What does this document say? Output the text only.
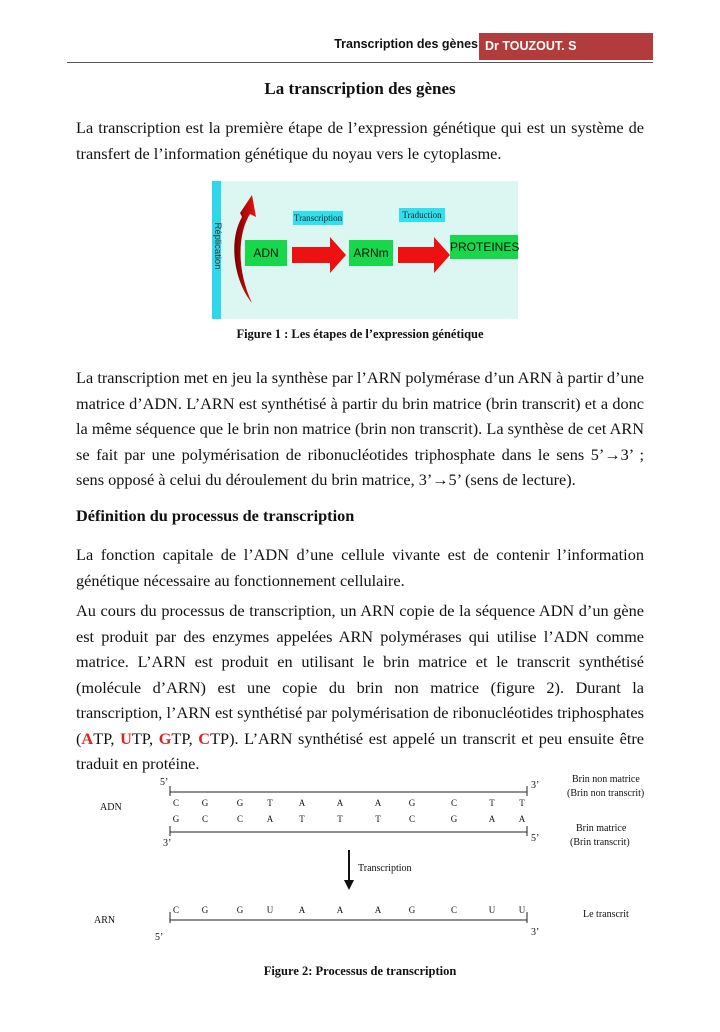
Transcription des gènes Dr TOUZOUT. S
La transcription des gènes

La transcription est la première étape de l’expression génétique qui est un système de transfert de l’information génétique du noyau vers le cytoplasme.

Réplication	ADN
Transcription
ARNm
Traduction
PROTEINES
Figure 1 : Les étapes de l’expression génétique

La transcription met en jeu la synthèse par l’ARN polymérase d’un ARN à partir d’une matrice d’ADN. L’ARN est synthétisé à partir du brin matrice (brin transcrit) et a donc la même séquence que le brin non matrice (brin non transcrit). La synthèse de cet ARN se fait par une polymérisation de ribonucléotides triphosphate dans le sens 5’→3’ ; sens opposé à celui du déroulement du brin matrice, 3’→5’ (sens de lecture).

Définition du processus de transcription

La fonction capitale de l’ADN d’une cellule vivante est de contenir l’information génétique nécessaire au fonctionnement cellulaire.

Au cours du processus de transcription, un ARN copie de la séquence ADN d’un gène est produit par des enzymes appelées ARN polymérases qui utilise l’ADN comme matrice. L’ARN est produit en utilisant le brin matrice et le transcrit synthétisé (molécule d’ARN) est une copie du brin non matrice (figure 2). Durant la transcription, l’ARN est synthétisé par polymérisation de ribonucléotides triphosphates (ATP, UTP, GTP, CTP). L’ARN synthétisé est appelé un transcrit et peu ensuite être traduit en protéine.

ADN
ARN
5’	3’
3’	5’
5’	3’
Brin non matrice
(Brin non transcrit)
Brin matrice
(Brin transcrit)
Transcription
Le transcrit
C	G	G	T	A	A	A	G	C	T	T
G	C	C	A	T	T	T	C	G	A	A
C	G	G	U	A	A	A	G	C	U	U
Figure 2: Processus de transcription
